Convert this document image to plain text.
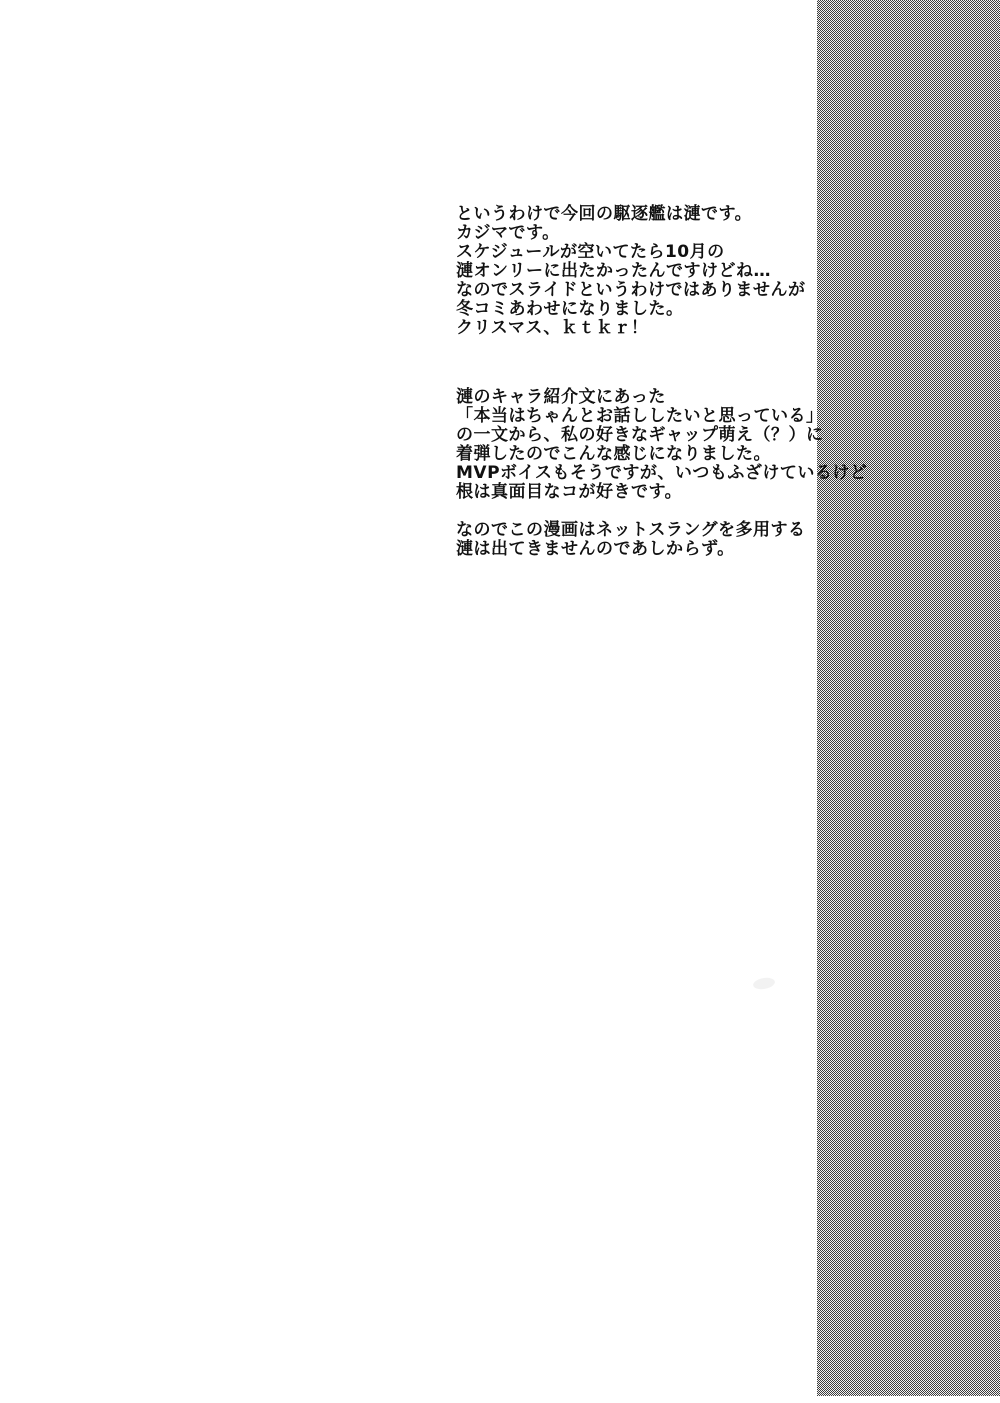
というわけで今回の駆逐艦は漣です。
カジマです。
スケジュールが空いてたら10月の
漣オンリーに出たかったんですけどね…
なのでスライドというわけではありませんが
冬コミあわせになりました。
クリスマス、ｋｔｋｒ！
漣のキャラ紹介文にあった
「本当はちゃんとお話ししたいと思っている」
の一文から、私の好きなギャップ萌え（？）に
着弾したのでこんな感じになりました。
MVPボイスもそうですが、いつもふざけているけど
根は真面目なコが好きです。
なのでこの漫画はネットスラングを多用する
漣は出てきませんのであしからず。
